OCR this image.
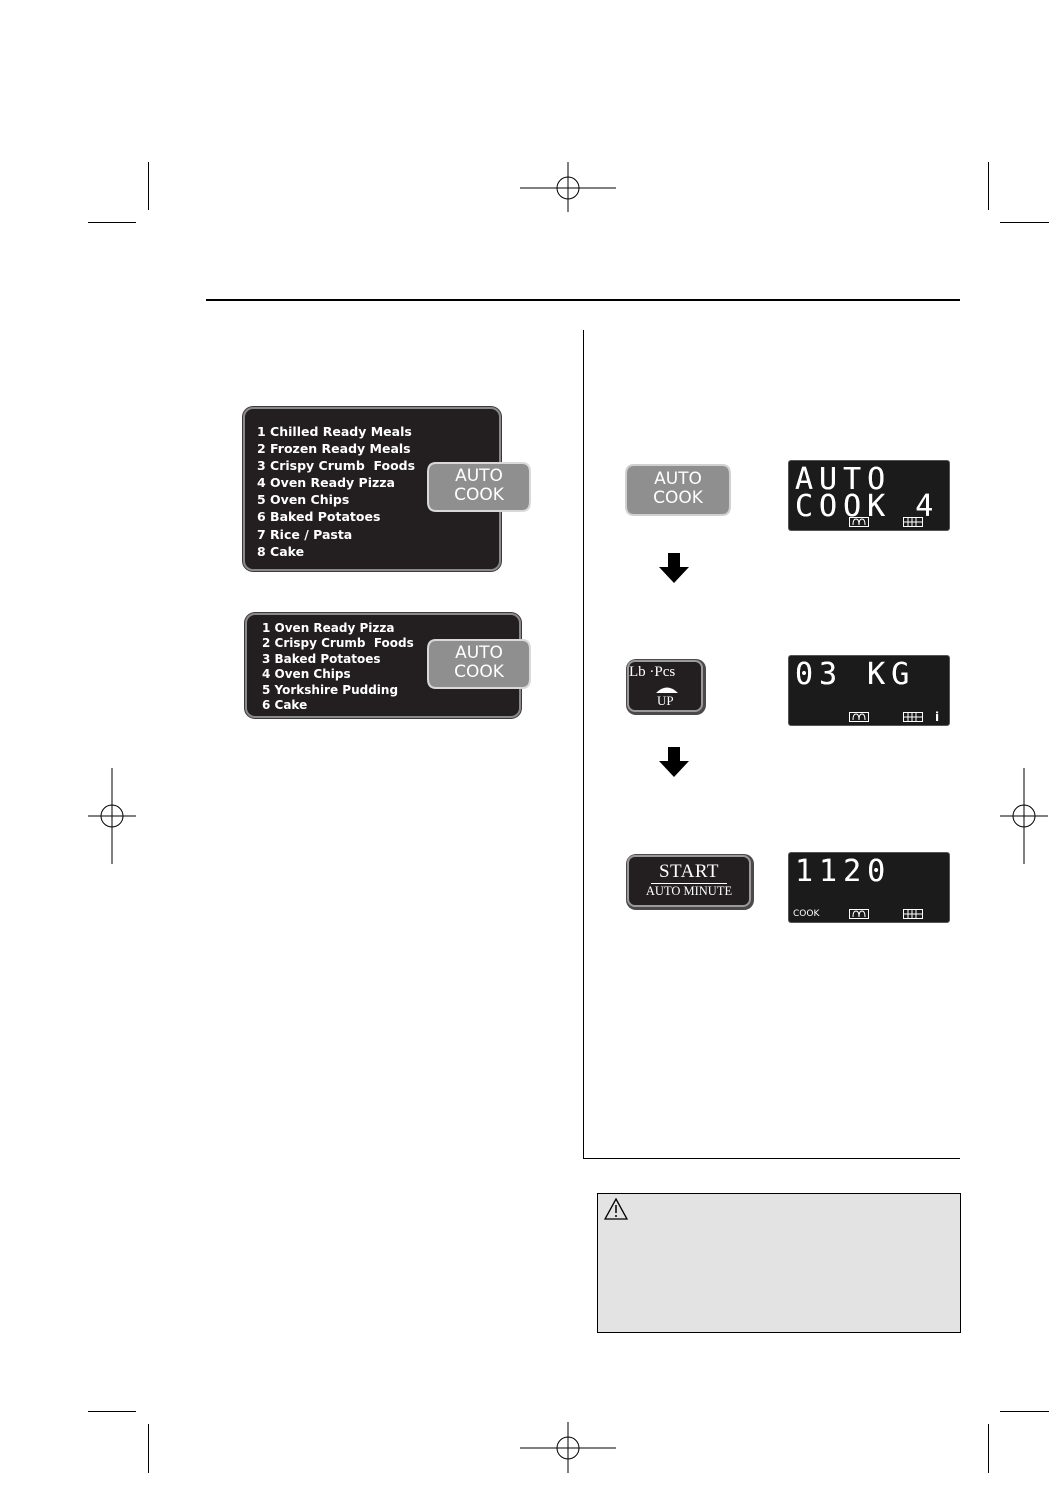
1 Chilled Ready Meals
2 Frozen Ready Meals
3 Crispy Crumb  Foods
4 Oven Ready Pizza
5 Oven Chips
6 Baked Potatoes
7 Rice / Pasta
8 Cake
AUTO
COOK
1 Oven Ready Pizza
2 Crispy Crumb  Foods
3 Baked Potatoes
4 Oven Chips
5 Yorkshire Pudding
6 Cake
AUTO
COOK
AUTO
COOK
AUTO
COOK 4
Lb ·Pcs
UP
03 KG
i
START
AUTO MINUTE
1120
COOK
